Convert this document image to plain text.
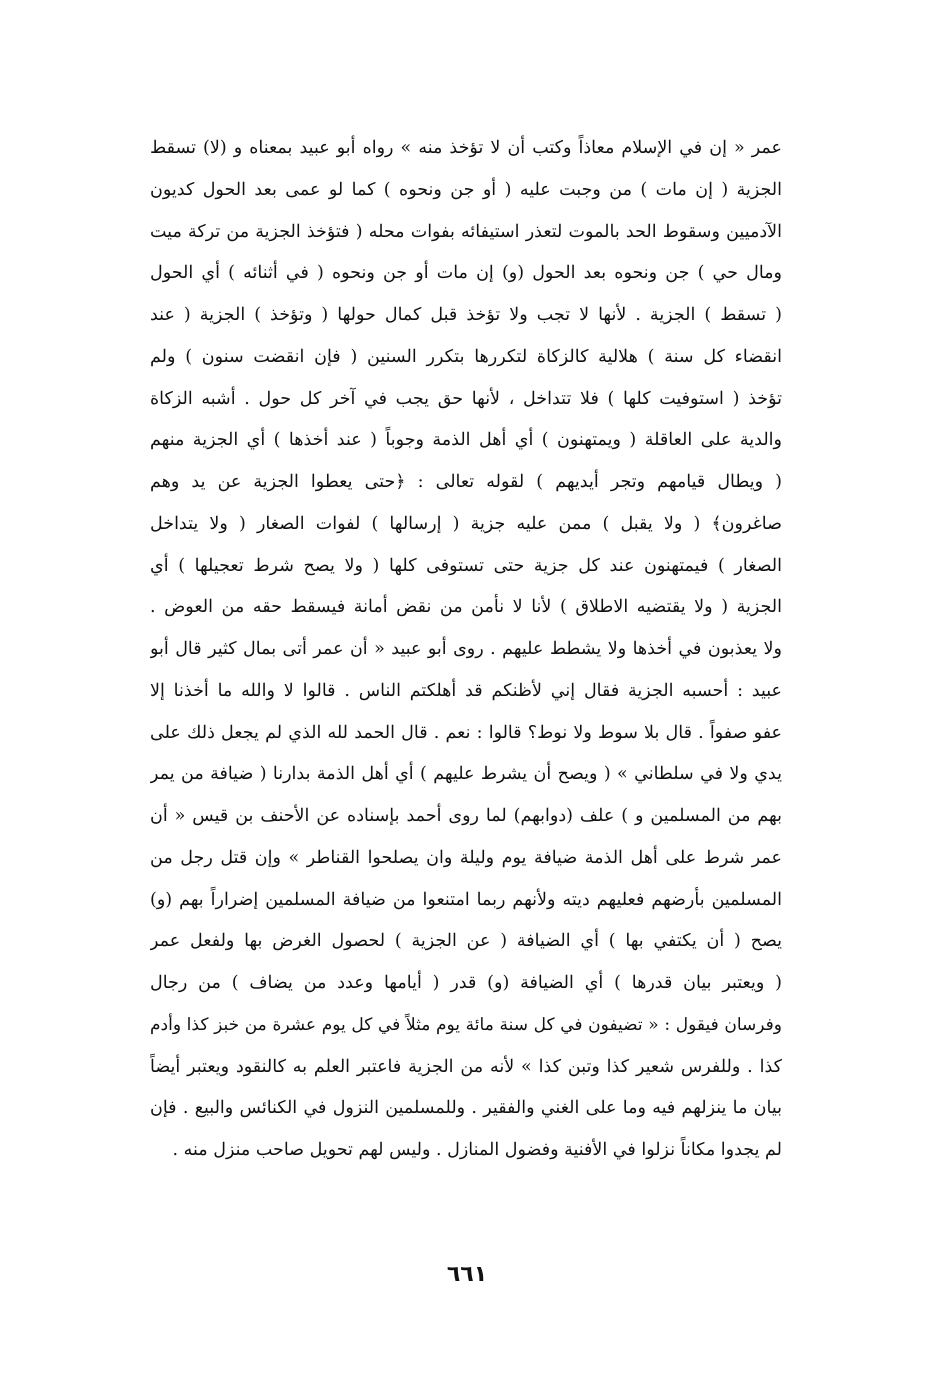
عمر « إن في الإسلام معاذاً وكتب أن لا تؤخذ منه » رواه أبو عبيد بمعناه و (لا) تسقط
الجزية ( إن مات ) من وجبت عليه ( أو جن ونحوه ) كما لو عمى بعد الحول كديون
الآدميين وسقوط الحد بالموت لتعذر استيفائه بفوات محله ( فتؤخذ الجزية من تركة ميت
ومال حي ) جن ونحوه بعد الحول (و) إن مات أو جن ونحوه ( في أثنائه ) أي الحول
( تسقط ) الجزية . لأنها لا تجب ولا تؤخذ قبل كمال حولها ( وتؤخذ ) الجزية ( عند
انقضاء كل سنة ) هلالية كالزكاة لتكررها بتكرر السنين ( فإن انقضت سنون ) ولم
تؤخذ ( استوفيت كلها ) فلا تتداخل ، لأنها حق يجب في آخر كل حول . أشبه الزكاة
والدية على العاقلة ( ويمتهنون ) أي أهل الذمة وجوباً ( عند أخذها ) أي الجزية منهم
( ويطال قيامهم وتجر أيديهم ) لقوله تعالى : ﴿حتى يعطوا الجزية عن يد وهم
صاغرون﴾ ( ولا يقبل ) ممن عليه جزية ( إرسالها ) لفوات الصغار ( ولا يتداخل
الصغار ) فيمتهنون عند كل جزية حتى تستوفى كلها ( ولا يصح شرط تعجيلها ) أي
الجزية ( ولا يقتضيه الاطلاق ) لأنا لا نأمن من نقض أمانة فيسقط حقه من العوض .
ولا يعذبون في أخذها ولا يشطط عليهم . روى أبو عبيد « أن عمر أتى بمال كثير قال أبو
عبيد : أحسبه الجزية فقال إني لأظنكم قد أهلكتم الناس . قالوا لا والله ما أخذنا إلا
عفو صفواً . قال بلا سوط ولا نوط؟ قالوا : نعم . قال الحمد لله الذي لم يجعل ذلك على
يدي ولا في سلطاني » ( ويصح أن يشرط عليهم ) أي أهل الذمة بدارنا ( ضيافة من يمر
بهم من المسلمين و ) علف (دوابهم) لما روى أحمد بإسناده عن الأحنف بن قيس « أن
عمر شرط على أهل الذمة ضيافة يوم وليلة وان يصلحوا القناطر » وإن قتل رجل من
المسلمين بأرضهم فعليهم ديته ولأنهم ربما امتنعوا من ضيافة المسلمين إضراراً بهم (و)
يصح ( أن يكتفي بها ) أي الضيافة ( عن الجزية ) لحصول الغرض بها ولفعل عمر
( ويعتبر بيان قدرها ) أي الضيافة (و) قدر ( أيامها وعدد من يضاف ) من رجال
وفرسان فيقول : « تضيفون في كل سنة مائة يوم مثلاً في كل يوم عشرة من خبز كذا وأدم
كذا . وللفرس شعير كذا وتبن كذا » لأنه من الجزية فاعتبر العلم به كالنقود ويعتبر أيضاً
بيان ما ينزلهم فيه وما على الغني والفقير . وللمسلمين النزول في الكنائس والبيع . فإن
لم يجدوا مكاناً نزلوا في الأفنية وفضول المنازل . وليس لهم تحويل صاحب منزل منه .
٦٦١
